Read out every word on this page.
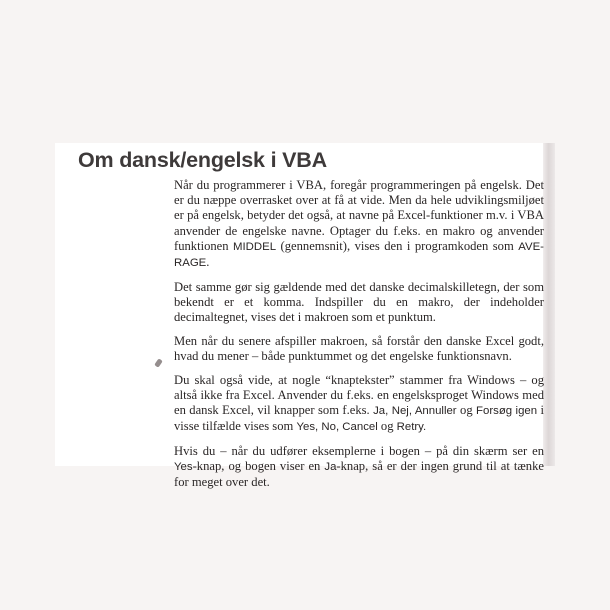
Om dansk/engelsk i VBA

Når du programmerer i VBA, foregår programmeringen på engelsk. Det er du næppe overrasket over at få at vide. Men da hele udviklingsmiljøet er på engelsk, betyder det også, at navne på Excel-funktioner m.v. i VBA anvender de engelske navne. Optager du f.eks. en makro og anvender funktionen MIDDEL (gennemsnit), vises den i programkoden som AVE-RAGE.

Det samme gør sig gældende med det danske decimalskilletegn, der som bekendt er et komma. Indspiller du en makro, der indeholder decimaltegnet, vises det i makroen som et punktum.

Men når du senere afspiller makroen, så forstår den danske Excel godt, hvad du mener – både punktummet og det engelske funktionsnavn.

Du skal også vide, at nogle “knaptekster” stammer fra Windows – og altså ikke fra Excel. Anvender du f.eks. en engelsksproget Windows med en dansk Excel, vil knapper som f.eks. Ja, Nej, Annuller og Forsøg igen i visse tilfælde vises som Yes, No, Cancel og Retry.

Hvis du – når du udfører eksemplerne i bogen – på din skærm ser en Yes-knap, og bogen viser en Ja-knap, så er der ingen grund til at tænke for meget over det.
